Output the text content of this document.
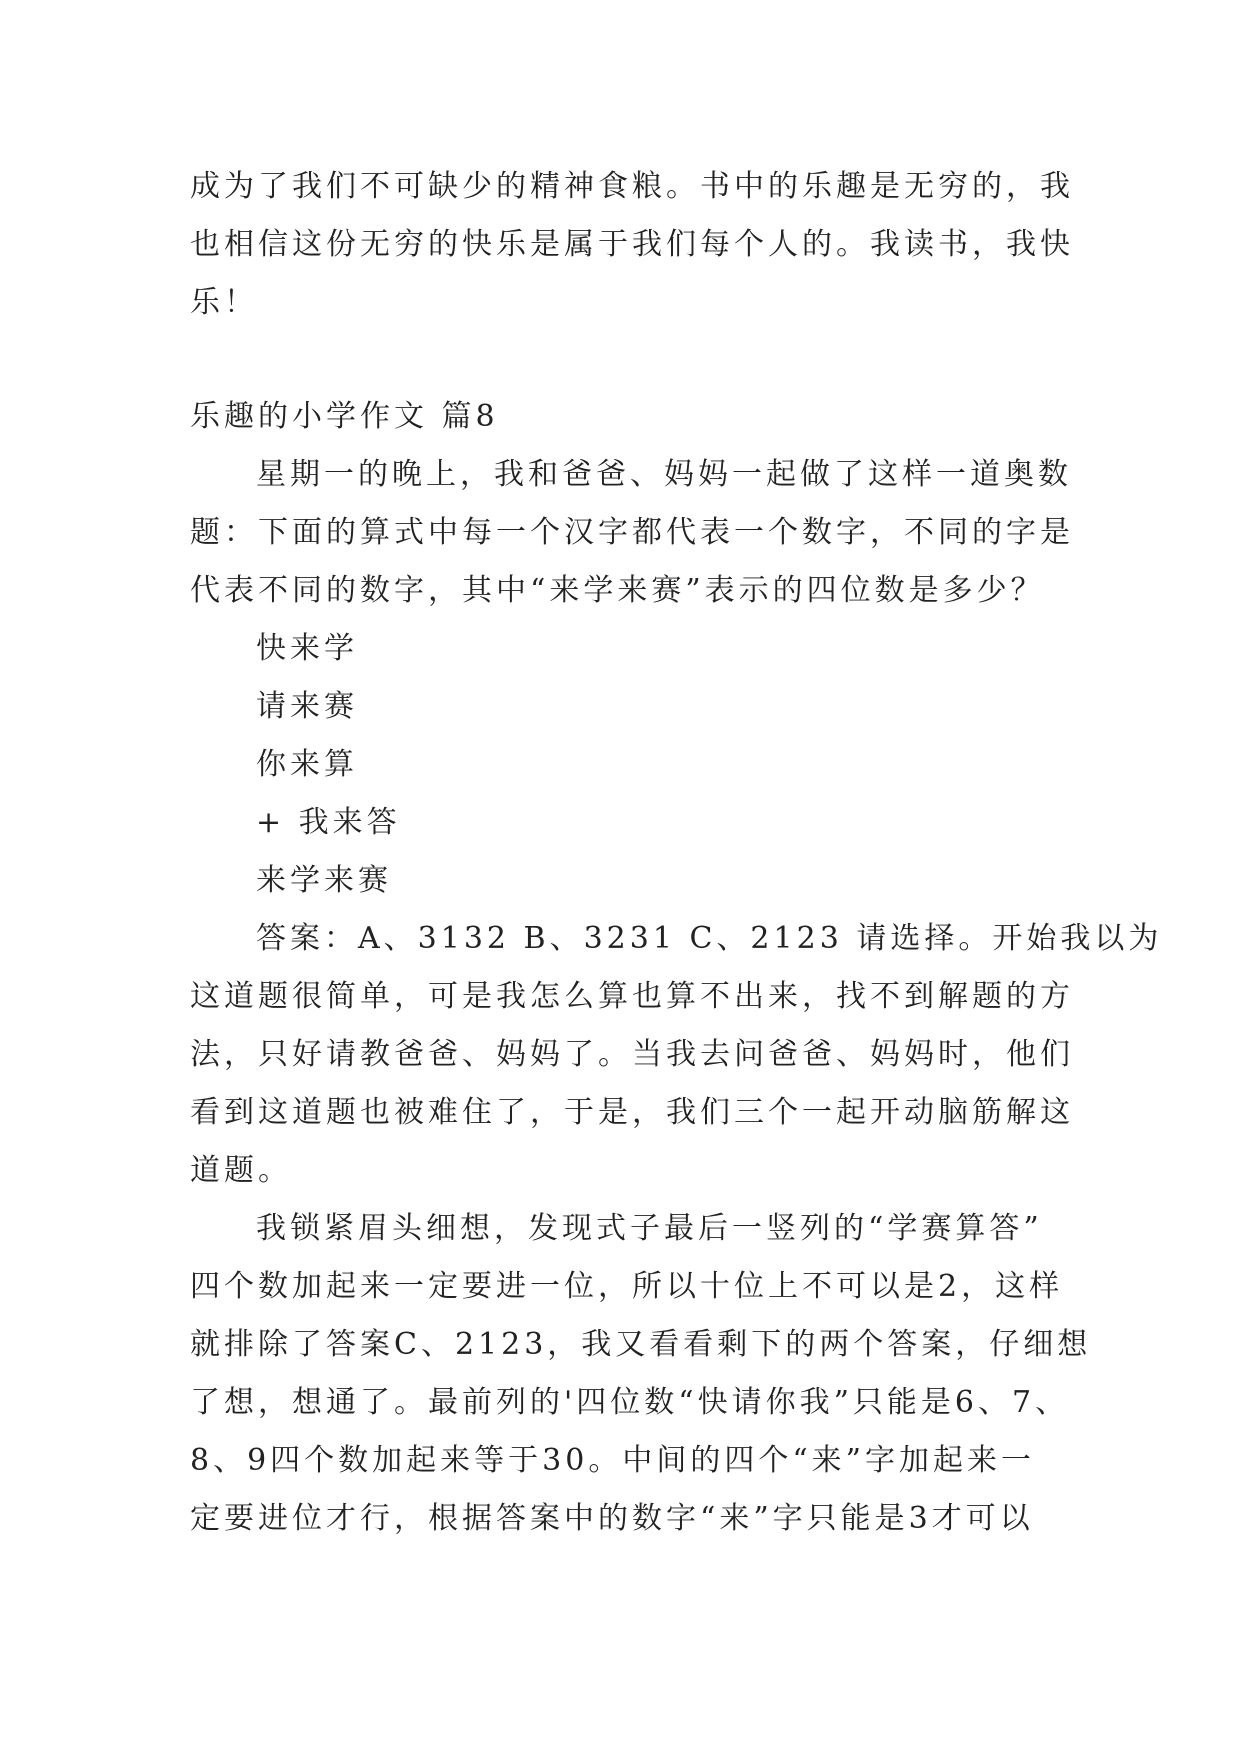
成为了我们不可缺少的精神食粮。书中的乐趣是无穷的，我
也相信这份无穷的快乐是属于我们每个人的。我读书，我快
乐！
乐趣的小学作文 篇8
星期一的晚上，我和爸爸、妈妈一起做了这样一道奥数
题：下面的算式中每一个汉字都代表一个数字，不同的字是
代表不同的数字，其中“来学来赛”表示的四位数是多少？
快来学
请来赛
你来算
+ 我来答
来学来赛
答案：A、3132 B、3231 C、2123 请选择。开始我以为
这道题很简单，可是我怎么算也算不出来，找不到解题的方
法，只好请教爸爸、妈妈了。当我去问爸爸、妈妈时，他们
看到这道题也被难住了，于是，我们三个一起开动脑筋解这
道题。
我锁紧眉头细想，发现式子最后一竖列的“学赛算答”
四个数加起来一定要进一位，所以十位上不可以是2，这样
就排除了答案C、2123，我又看看剩下的两个答案，仔细想
了想，想通了。最前列的'四位数“快请你我”只能是6、7、
8、9四个数加起来等于30。中间的四个“来”字加起来一
定要进位才行，根据答案中的数字“来”字只能是3才可以
